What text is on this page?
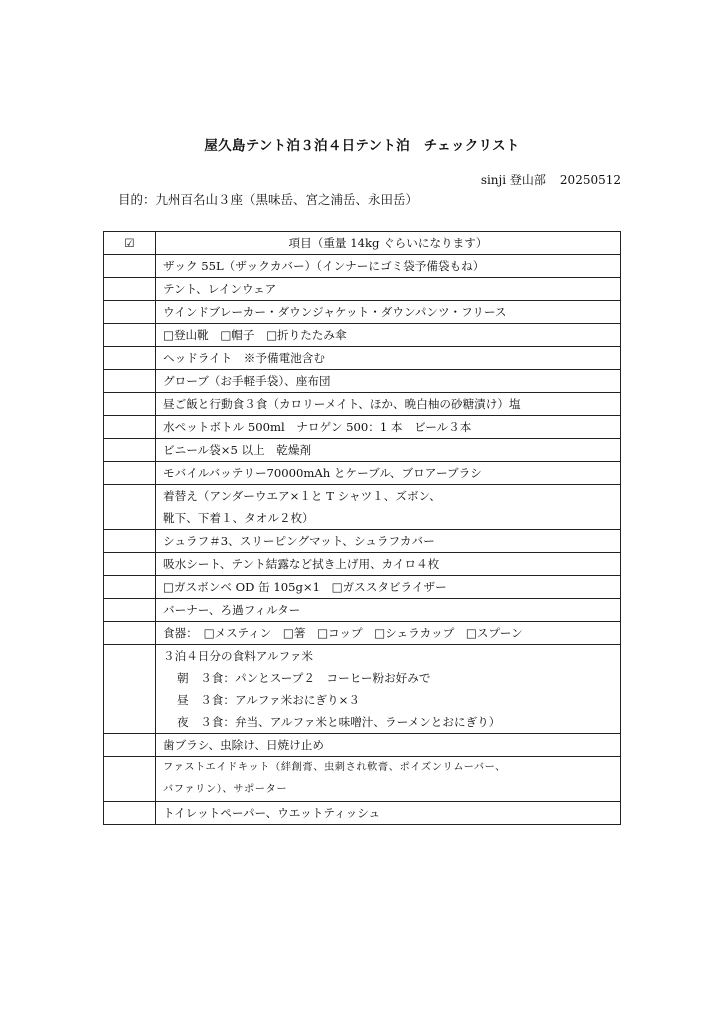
屋久島テント泊３泊４日テント泊　チェックリスト
sinji 登山部 20250512
目的：九州百名山３座（黒味岳、宮之浦岳、永田岳）
☑	項目（重量 14kg ぐらいになります）

	ザック 55L（ザックカバー）（インナーにゴミ袋予備袋もね）

	テント、レインウェア

	ウインドブレーカー・ダウンジャケット・ダウンパンツ・フリース

	□登山靴　□帽子　□折りたたみ傘

	ヘッドライト　※予備電池含む

	グローブ（お手軽手袋）、座布団

	昼ご飯と行動食３食（カロリーメイト、ほか、晩白柚の砂糖漬け）塩

	水ペットボトル 500ml　ナロゲン 500：1 本　ビール３本

	ビニール袋×5 以上　乾燥剤

	モバイルバッテリー70000mAh とケーブル、ブロアーブラシ

	着替え（アンダーウエア×１と T シャツ１、ズボン、
靴下、下着１、タオル２枚）

	シュラフ＃3、スリーピングマット、シュラフカバー

	吸水シート、テント結露など拭き上げ用、カイロ４枚

	□ガスボンベ OD 缶 105g×1　□ガススタビライザー

	バーナー、ろ過フィルター

	食器：　□メスティン　□箸　□コップ　□シェラカップ　□スプーン

	３泊４日分の食料アルファ米
朝　３食：パンとスープ２　コーヒー粉お好みで
昼　３食：アルファ米おにぎり×３
夜　３食：弁当、アルファ米と味噌汁、ラーメンとおにぎり）

	歯ブラシ、虫除け、日焼け止め

	ファストエイドキット（絆創膏、虫刺され軟膏、ポイズンリムーバー、
バファリン）、サポーター

	トイレットペーパー、ウエットティッシュ
